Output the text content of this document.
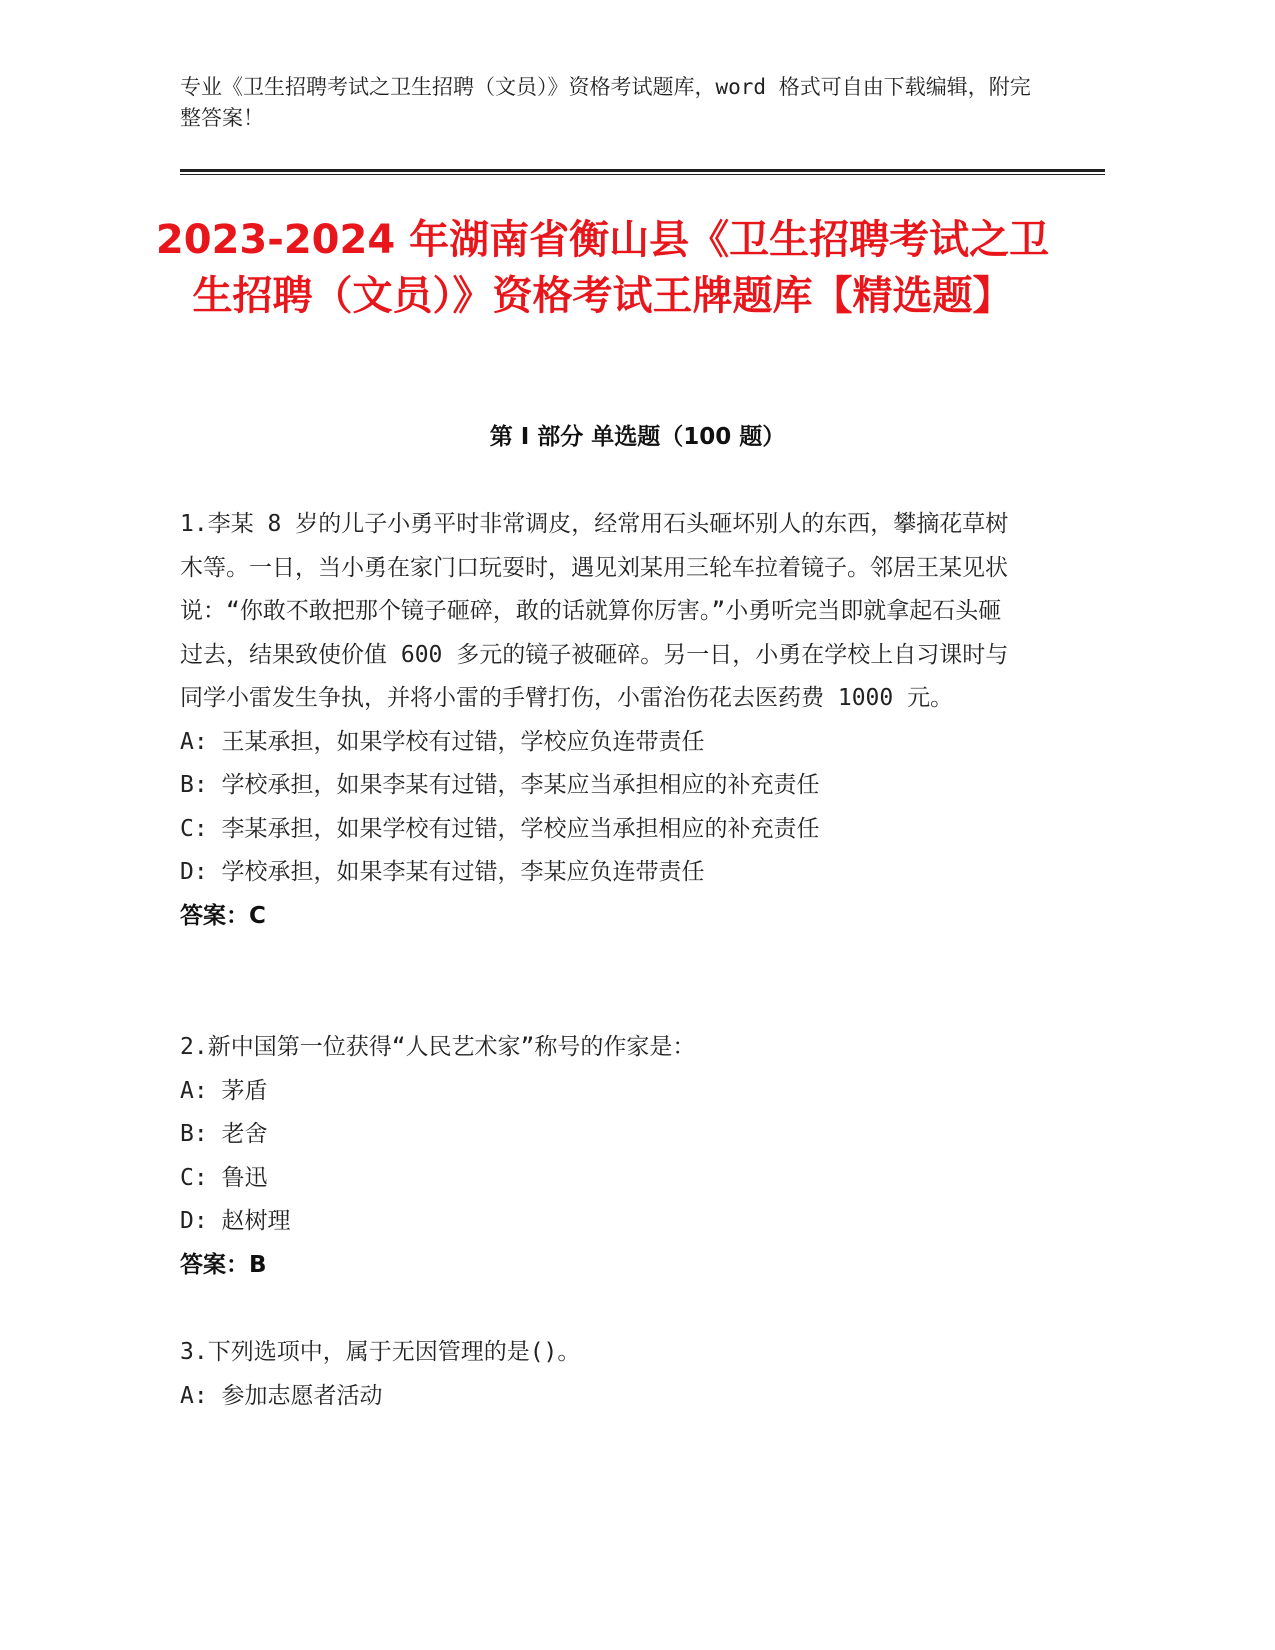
专业《卫生招聘考试之卫生招聘（文员）》资格考试题库，word 格式可自由下载编辑，附完整答案！
2023-2024 年湖南省衡山县《卫生招聘考试之卫生招聘（文员）》资格考试王牌题库【精选题】
第 I 部分 单选题（100 题）

1.李某 8 岁的儿子小勇平时非常调皮，经常用石头砸坏别人的东西，攀摘花草树木等。一日，当小勇在家门口玩耍时，遇见刘某用三轮车拉着镜子。邻居王某见状说：“你敢不敢把那个镜子砸碎，敢的话就算你厉害。”小勇听完当即就拿起石头砸过去，结果致使价值 600 多元的镜子被砸碎。另一日，小勇在学校上自习课时与同学小雷发生争执，并将小雷的手臂打伤，小雷治伤花去医药费 1000 元。

A: 王某承担，如果学校有过错，学校应负连带责任

B: 学校承担，如果李某有过错，李某应当承担相应的补充责任

C: 李某承担，如果学校有过错，学校应当承担相应的补充责任

D: 学校承担，如果李某有过错，李某应负连带责任

答案：C

2.新中国第一位获得“人民艺术家”称号的作家是：

A: 茅盾

B: 老舍

C: 鲁迅

D: 赵树理

答案：B

3.下列选项中，属于无因管理的是()。

A: 参加志愿者活动
